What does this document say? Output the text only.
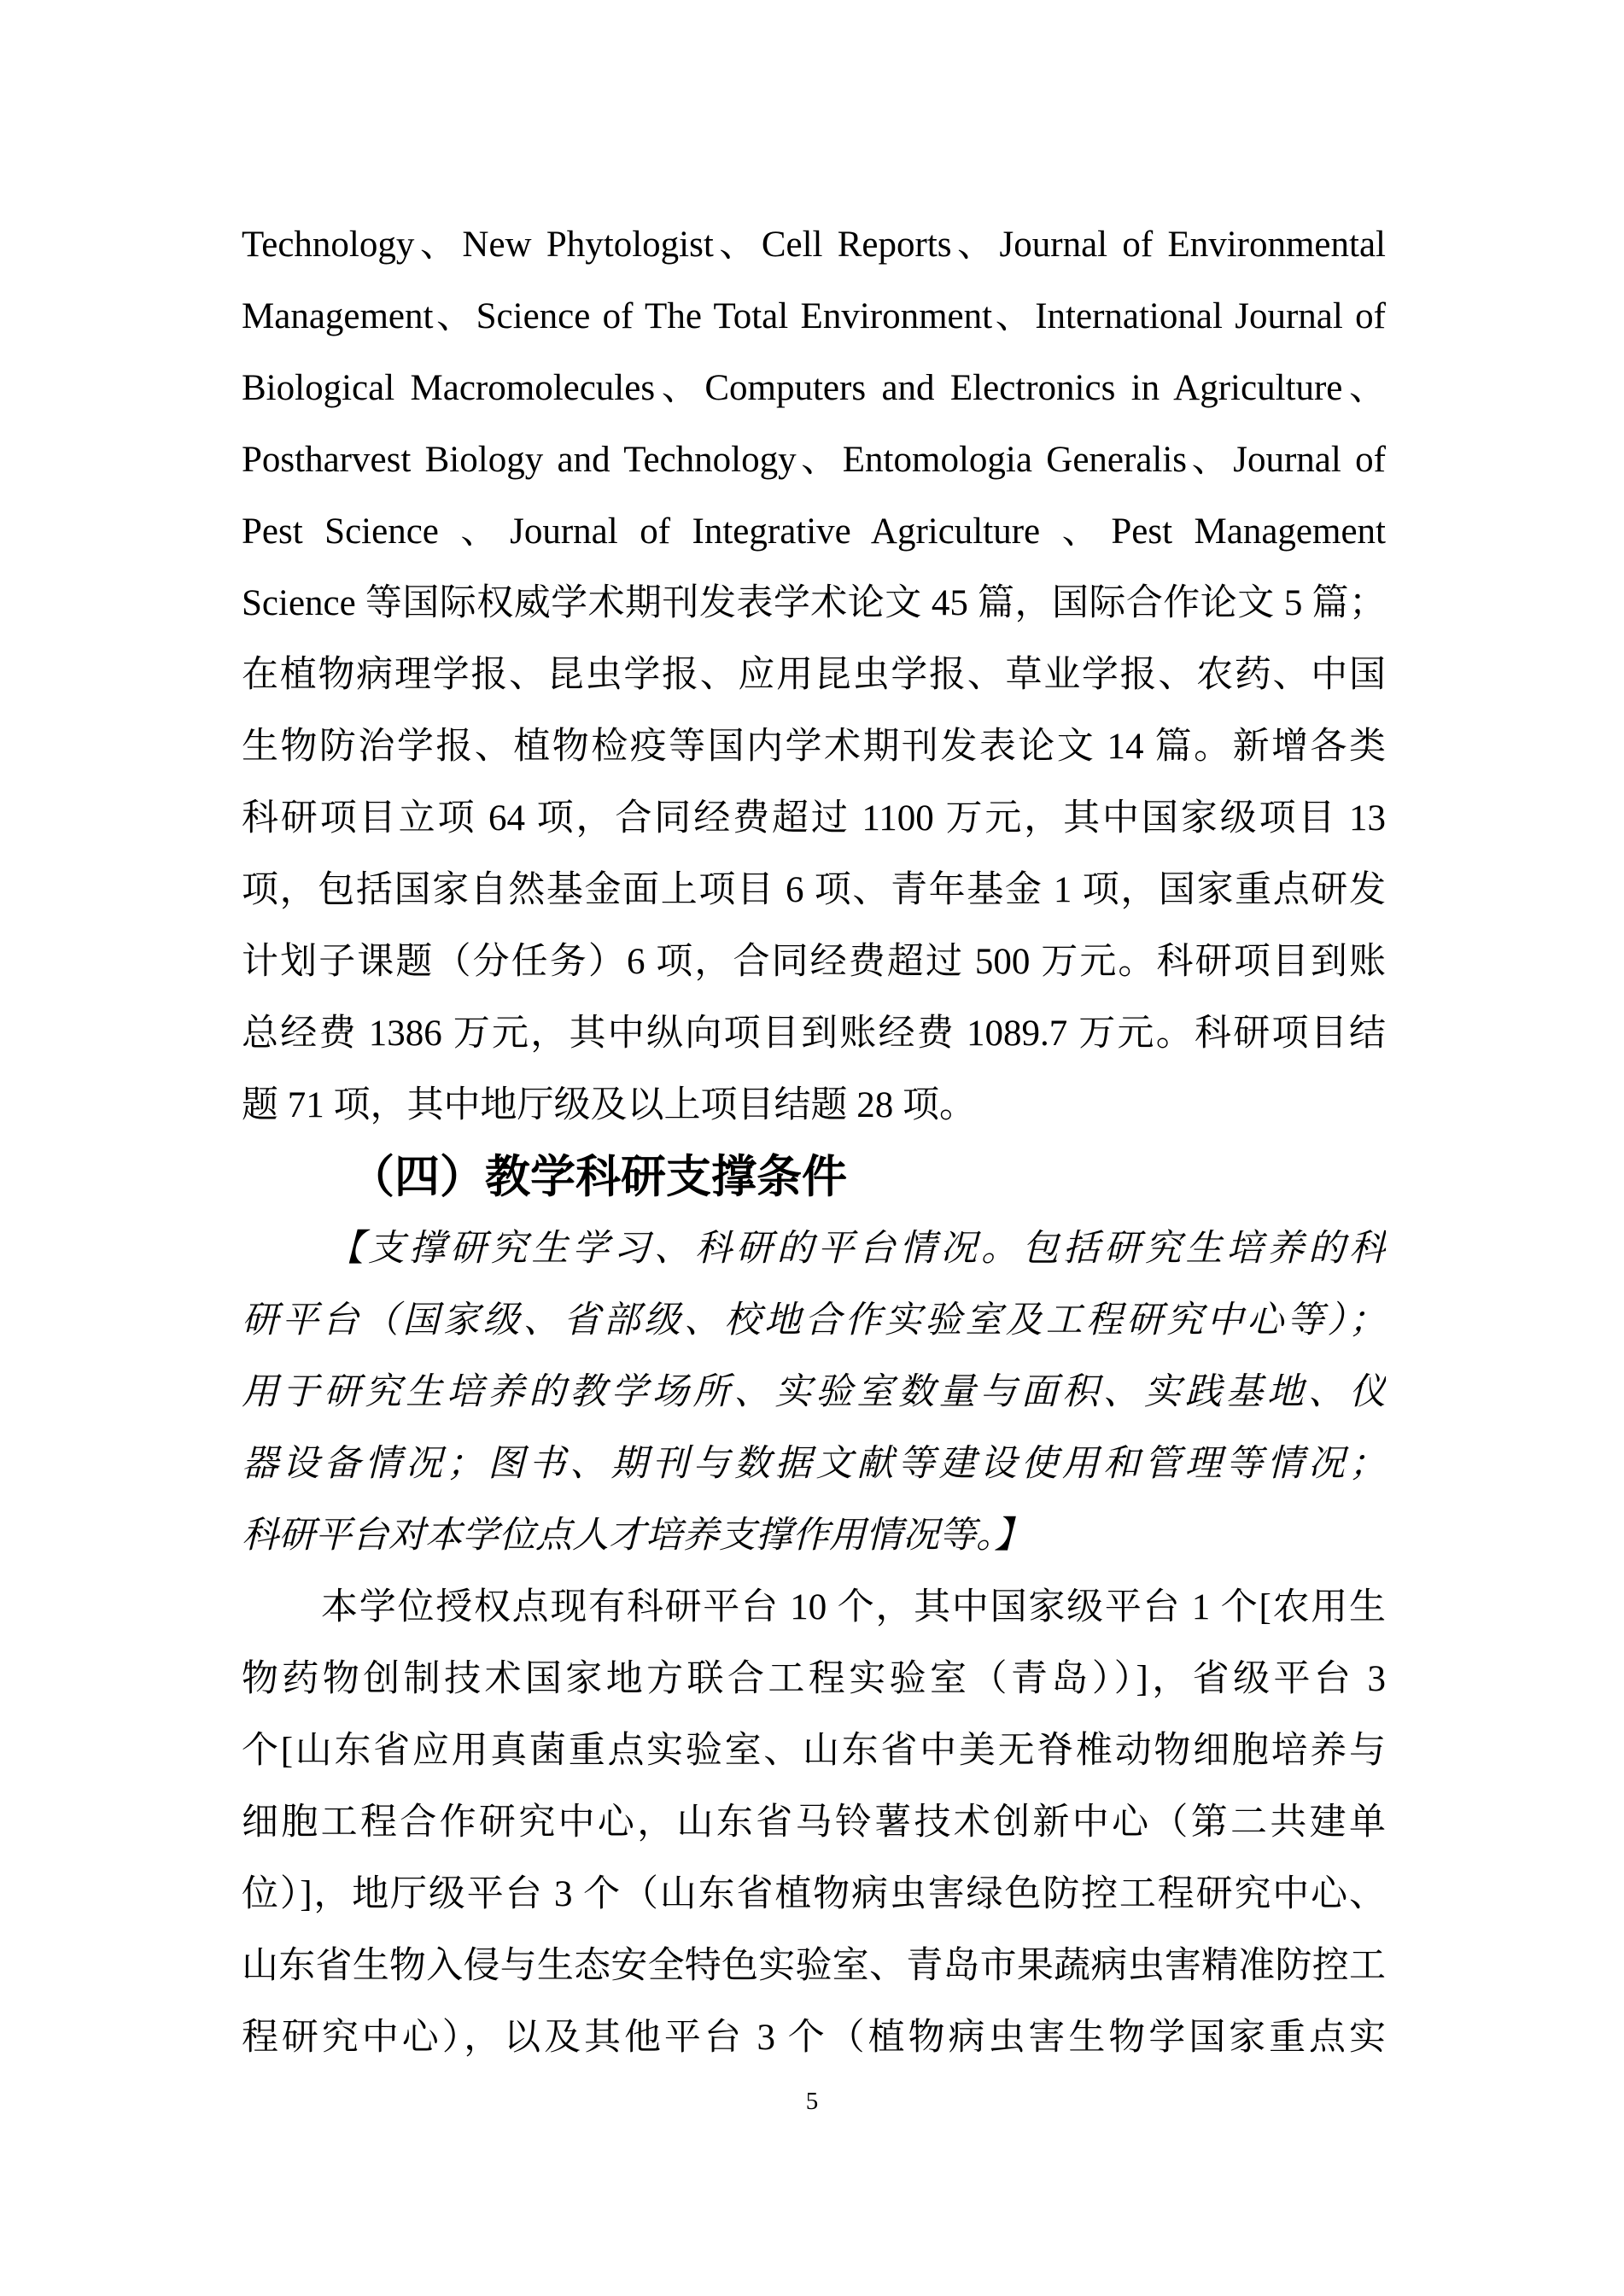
Technology、New Phytologist、Cell Reports、Journal of Environmental
Management、Science of The Total Environment、International Journal of
Biological Macromolecules、Computers and Electronics in Agriculture、
Postharvest Biology and Technology、Entomologia Generalis、Journal of
Pest Science 、Journal of Integrative Agriculture 、Pest Management
Science 等国际权威学术期刊发表学术论文 45 篇，国际合作论文 5 篇；
在植物病理学报、昆虫学报、应用昆虫学报、草业学报、农药、中国
生物防治学报、植物检疫等国内学术期刊发表论文 14 篇。新增各类
科研项目立项 64 项，合同经费超过 1100 万元，其中国家级项目 13
项，包括国家自然基金面上项目 6 项、青年基金 1 项，国家重点研发
计划子课题（分任务）6 项，合同经费超过 500 万元。科研项目到账
总经费 1386 万元，其中纵向项目到账经费 1089.7 万元。科研项目结
题 71 项，其中地厅级及以上项目结题 28 项。
（四）教学科研支撑条件
【支撑研究生学习、科研的平台情况。包括研究生培养的科
研平台（国家级、省部级、校地合作实验室及工程研究中心等）；
用于研究生培养的教学场所、实验室数量与面积、实践基地、仪
器设备情况；图书、期刊与数据文献等建设使用和管理等情况；
科研平台对本学位点人才培养支撑作用情况等。】
本学位授权点现有科研平台 10 个，其中国家级平台 1 个[农用生
物药物创制技术国家地方联合工程实验室（青岛））]，省级平台 3
个[山东省应用真菌重点实验室、山东省中美无脊椎动物细胞培养与
细胞工程合作研究中心，山东省马铃薯技术创新中心（第二共建单
位）]，地厅级平台 3 个（山东省植物病虫害绿色防控工程研究中心、
山东省生物入侵与生态安全特色实验室、青岛市果蔬病虫害精准防控工
程研究中心），以及其他平台 3 个（植物病虫害生物学国家重点实
5
